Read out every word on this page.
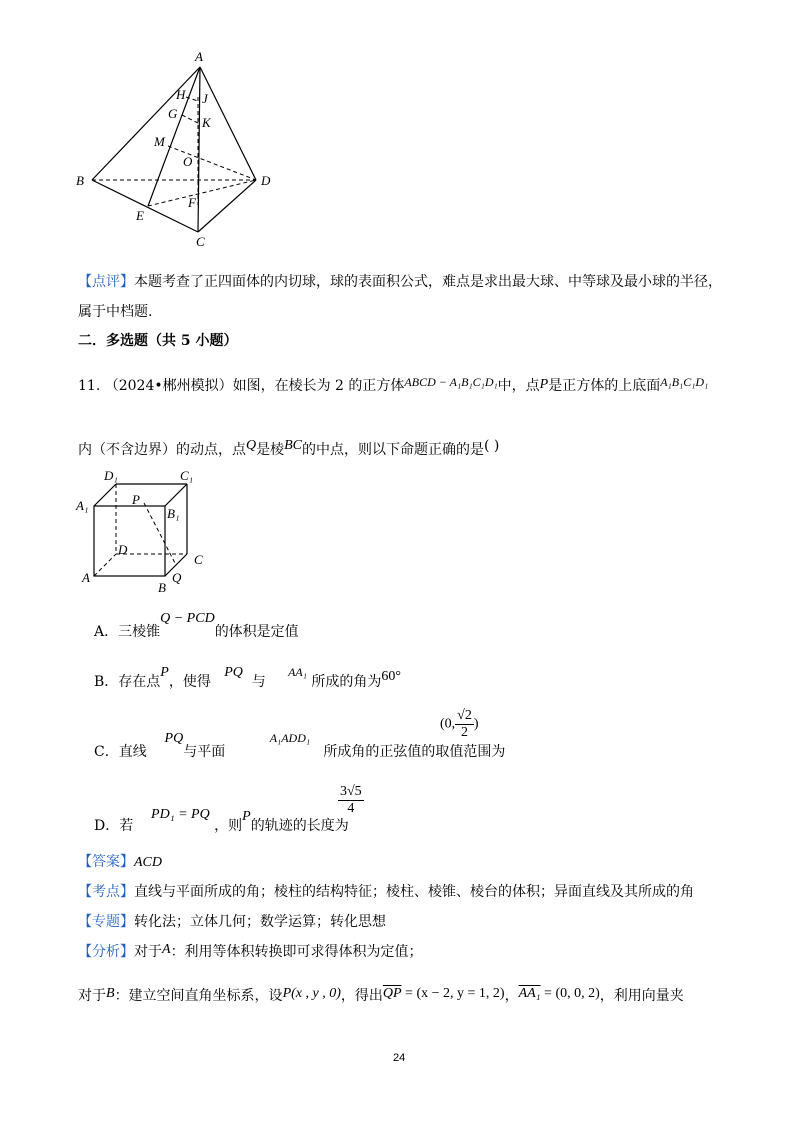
A
B
C
D
E
F
G
H J
K
M
O
【点评】本题考查了正四面体的内切球，球的表面积公式，难点是求出最大球、中等球及最小球的半径，
属于中档题.
二．多选题（共 5 小题）
11. （2024•郴州模拟）如图，在棱长为 2 的正方体ABCD − A₁B₁C₁D₁中，点P是正方体的上底面A₁B₁C₁D₁
内（不含边界）的动点，点Q是棱BC的中点，则以下命题正确的是( )
D₁	C₁
A₁
B₁
P
D
C
A
B
Q
A．三棱锥Q − PCD的体积是定值
B．存在点P，使得   PQ  与     AA₁ 所成的角为60°
C．直线    PQ与平面          A₁ADD₁   所成角的正弦值的取值范围为
(0, $\frac{√2}{2}$ )
D．若    PD₁ = PQ ，则P的轨迹的长度为
$\frac{3√5}{4}$
【答案】ACD
【考点】直线与平面所成的角；棱柱的结构特征；棱柱、棱锥、棱台的体积；异面直线及其所成的角
【专题】转化法；立体几何；数学运算；转化思想
【分析】对于A：利用等体积转换即可求得体积为定值；
对于B：建立空间直角坐标系，设P(x , y , 0)，得出$\overline{QP} = (x - 2$, y = 1, 2)，AA₁ = (0, 0, 2)，利用向量夹
24
